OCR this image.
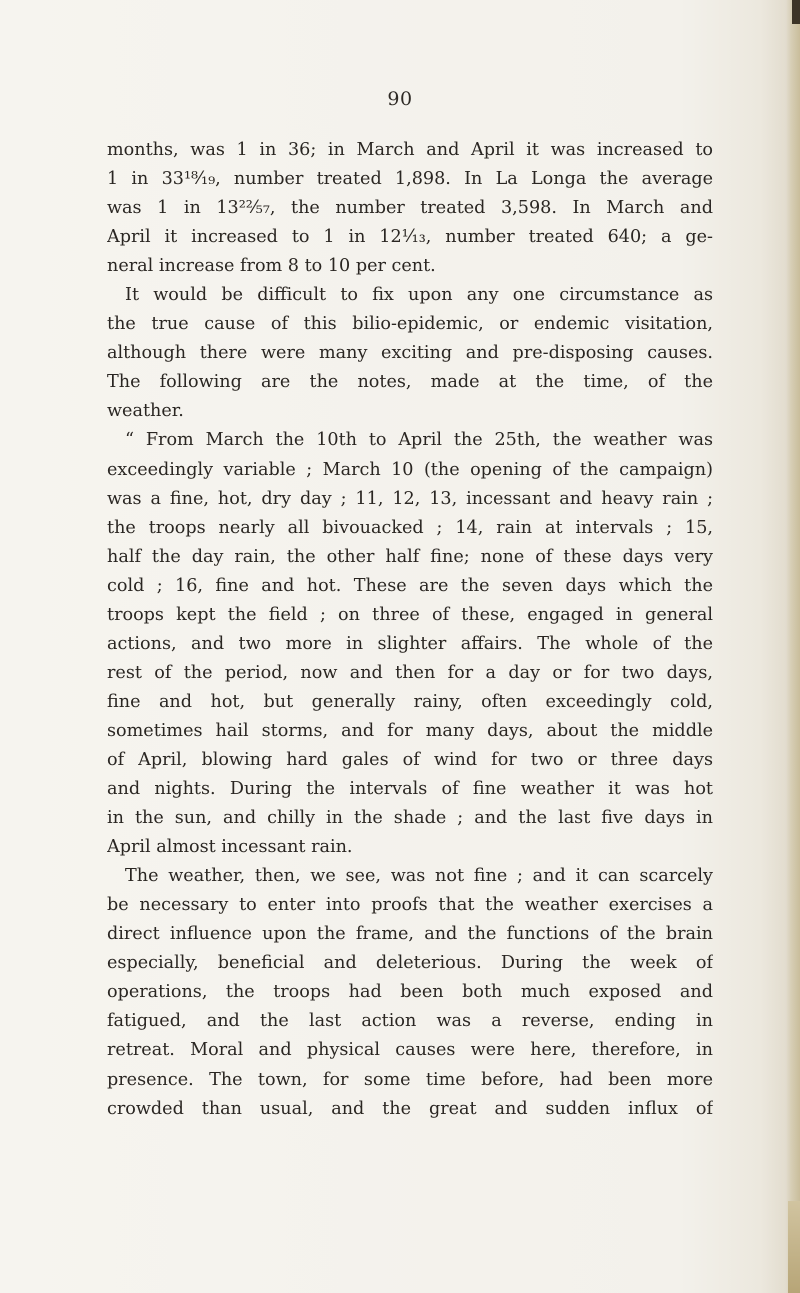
90
months, was 1 in 36; in March and April it was increased to
1 in 33¹⁸⁄₁₉, number treated 1,898. In La Longa the average
was 1 in 13²²⁄₅₇, the number treated 3,598. In March and
April it increased to 1 in 12¹⁄₁₃, number treated 640; a ge-
neral increase from 8 to 10 per cent.
It would be difficult to fix upon any one circumstance as
the true cause of this bilio-epidemic, or endemic visitation,
although there were many exciting and pre-disposing causes.
The following are the notes, made at the time, of the
weather.
“ From March the 10th to April the 25th, the weather was
exceedingly variable ; March 10 (the opening of the campaign)
was a fine, hot, dry day ; 11, 12, 13, incessant and heavy rain ;
the troops nearly all bivouacked ; 14, rain at intervals ; 15,
half the day rain, the other half fine; none of these days very
cold ; 16, fine and hot. These are the seven days which the
troops kept the field ; on three of these, engaged in general
actions, and two more in slighter affairs. The whole of the
rest of the period, now and then for a day or for two days,
fine and hot, but generally rainy, often exceedingly cold,
sometimes hail storms, and for many days, about the middle
of April, blowing hard gales of wind for two or three days
and nights. During the intervals of fine weather it was hot
in the sun, and chilly in the shade ; and the last five days in
April almost incessant rain.
The weather, then, we see, was not fine ; and it can scarcely
be necessary to enter into proofs that the weather exercises a
direct influence upon the frame, and the functions of the brain
especially, beneficial and deleterious. During the week of
operations, the troops had been both much exposed and
fatigued, and the last action was a reverse, ending in
retreat. Moral and physical causes were here, therefore, in
presence. The town, for some time before, had been more
crowded than usual, and the great and sudden influx of
